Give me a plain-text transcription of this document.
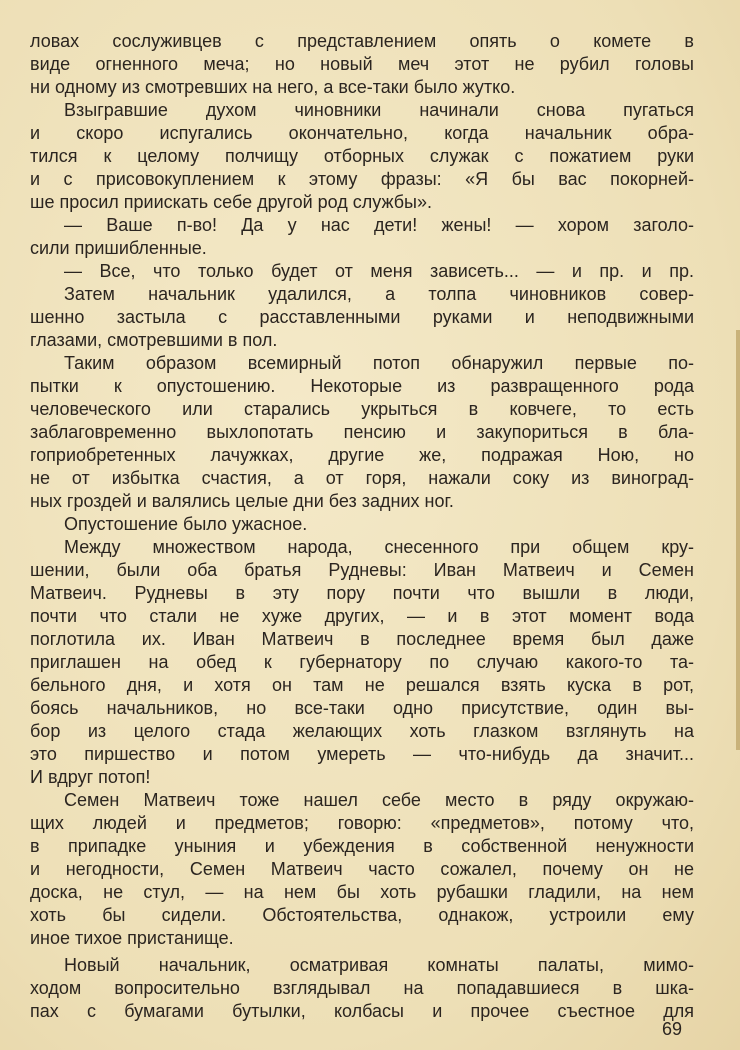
ловах сослуживцев с представлением опять о комете в
виде огненного меча; но новый меч этот не рубил головы
ни одному из смотревших на него, а все-таки было жутко.
Взыгравшие духом чиновники начинали снова пугаться
и скоро испугались окончательно, когда начальник обра-
тился к целому полчищу отборных служак с пожатием руки
и с присовокуплением к этому фразы: «Я бы вас покорней-
ше просил приискать себе другой род службы».
— Ваше п-во! Да у нас дети! жены! — хором заголо-
сили пришибленные.
— Все, что только будет от меня зависеть... — и пр. и пр.
Затем начальник удалился, а толпа чиновников совер-
шенно застыла с расставленными руками и неподвижными
глазами, смотревшими в пол.
Таким образом всемирный потоп обнаружил первые по-
пытки к опустошению. Некоторые из развращенного рода
человеческого или старались укрыться в ковчеге, то есть
заблаговременно выхлопотать пенсию и закупориться в бла-
гоприобретенных лачужках, другие же, подражая Ною, но
не от избытка счастия, а от горя, нажали соку из виноград-
ных гроздей и валялись целые дни без задних ног.
Опустошение было ужасное.
Между множеством народа, снесенного при общем кру-
шении, были оба братья Рудневы: Иван Матвеич и Семен
Матвеич. Рудневы в эту пору почти что вышли в люди,
почти что стали не хуже других, — и в этот момент вода
поглотила их. Иван Матвеич в последнее время был даже
приглашен на обед к губернатору по случаю какого-то та-
бельного дня, и хотя он там не решался взять куска в рот,
боясь начальников, но все-таки одно присутствие, один вы-
бор из целого стада желающих хоть глазком взглянуть на
это пиршество и потом умереть — что-нибудь да значит...
И вдруг потоп!
Семен Матвеич тоже нашел себе место в ряду окружаю-
щих людей и предметов; говорю: «предметов», потому что,
в припадке уныния и убеждения в собственной ненужности
и негодности, Семен Матвеич часто сожалел, почему он не
доска, не стул, — на нем бы хоть рубашки гладили, на нем
хоть бы сидели. Обстоятельства, однакож, устроили ему
иное тихое пристанище.
Новый начальник, осматривая комнаты палаты, мимо-
ходом вопросительно взглядывал на попадавшиеся в шка-
пах с бумагами бутылки, колбасы и прочее съестное для
69
